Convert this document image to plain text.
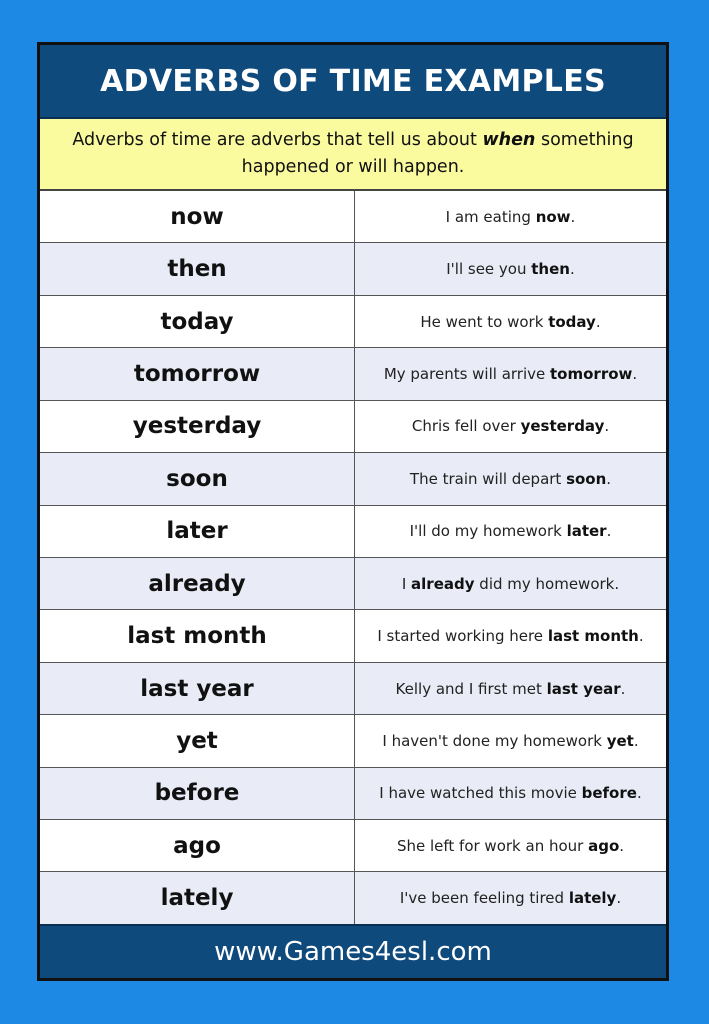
ADVERBS OF TIME EXAMPLES
Adverbs of time are adverbs that tell us about when something happened or will happen.
now	I am eating now .
then	I'll see you then .
today	He went to work today .
tomorrow	My parents will arrive tomorrow .
yesterday	Chris fell over yesterday .
soon	The train will depart soon .
later	I'll do my homework later .
already	I already did my homework.
last month	I started working here last month .
last year	Kelly and I first met last year .
yet	I haven't done my homework yet .
before	I have watched this movie before .
ago	She left for work an hour ago .
lately	I've been feeling tired lately .
www.Games4esl.com
